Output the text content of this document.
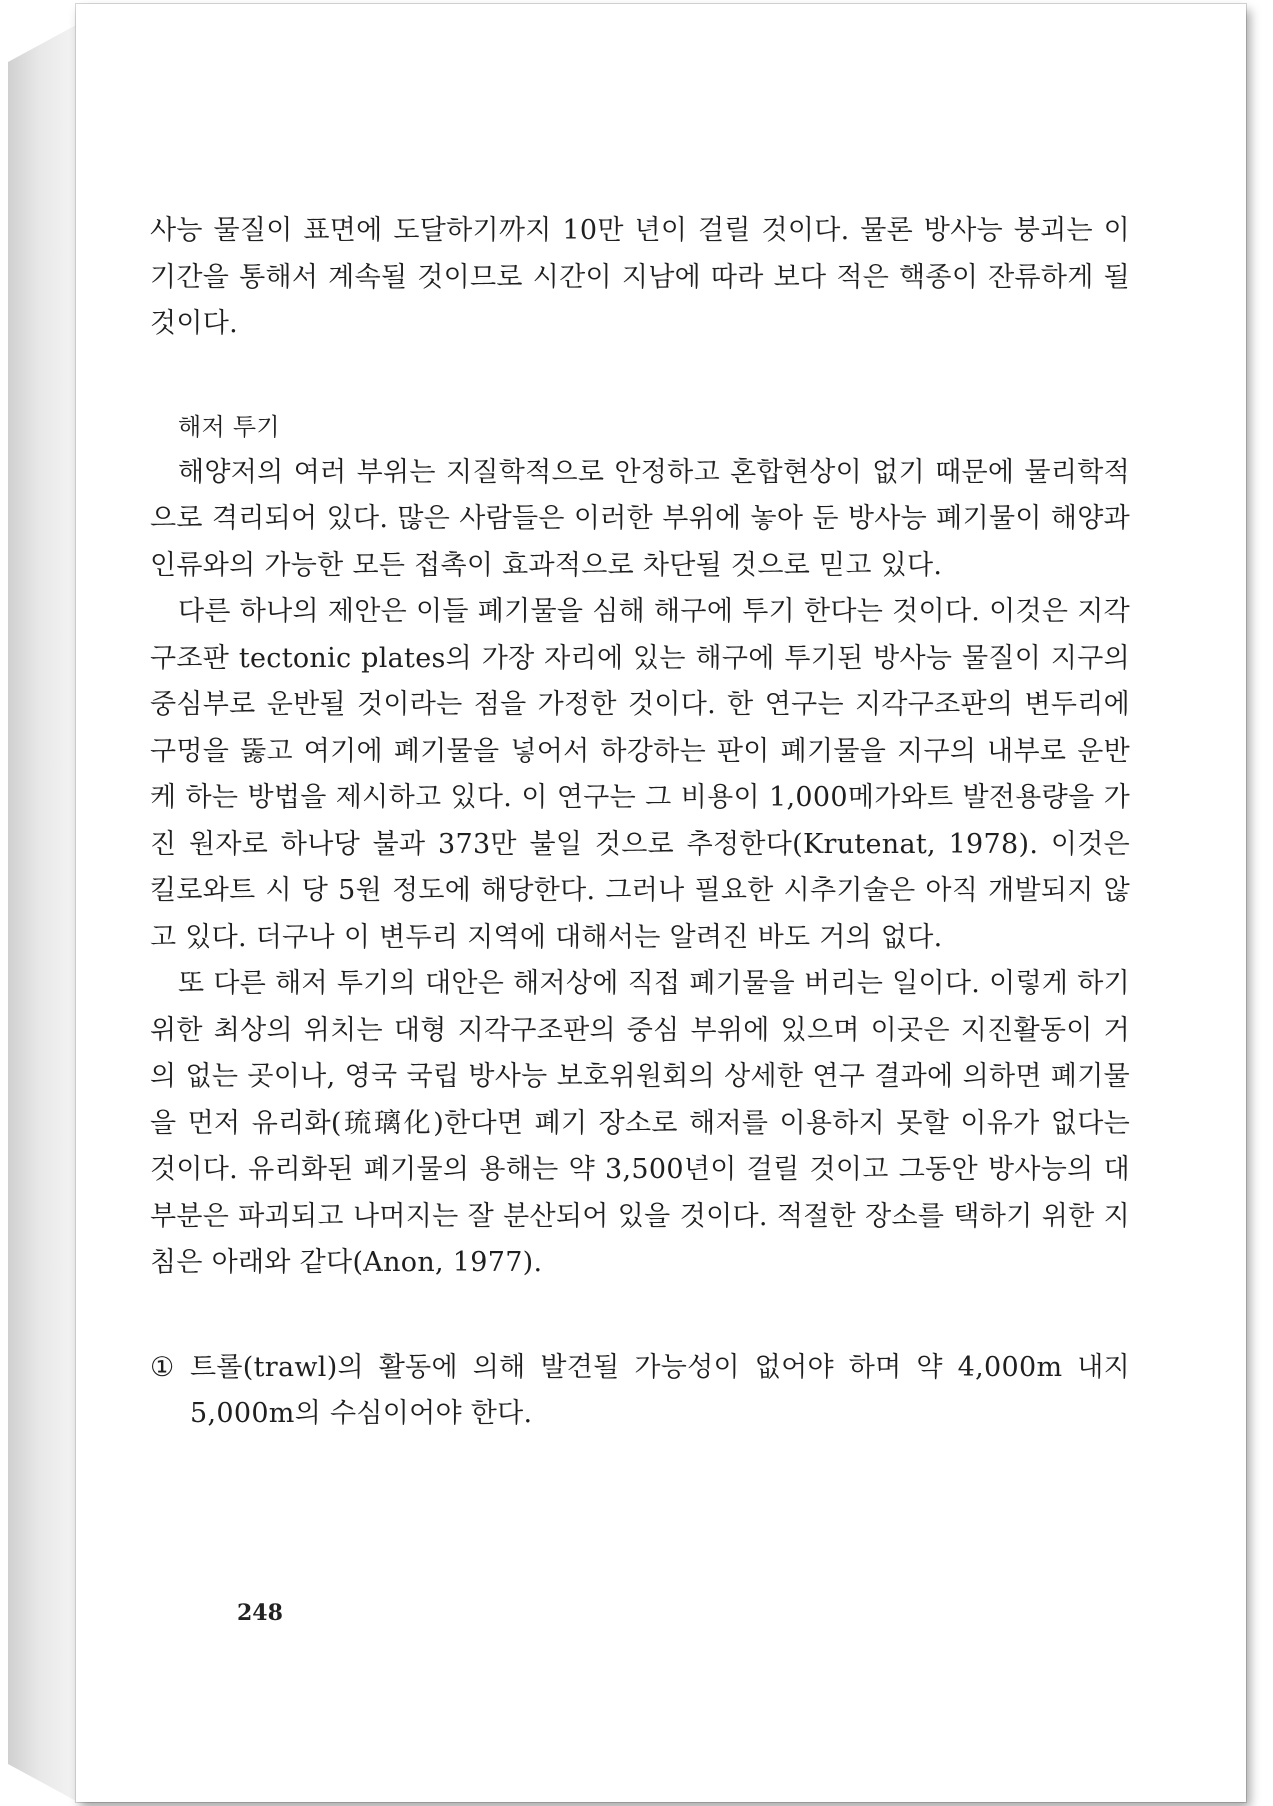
사능 물질이 표면에 도달하기까지 10만 년이 걸릴 것이다. 물론 방사능 붕괴는 이 기간을 통해서 계속될 것이므로 시간이 지남에 따라 보다 적은 핵종이 잔류하게 될 것이다.

해저 투기

해양저의 여러 부위는 지질학적으로 안정하고 혼합현상이 없기 때문에 물리학적으로 격리되어 있다. 많은 사람들은 이러한 부위에 놓아 둔 방사능 폐기물이 해양과 인류와의 가능한 모든 접촉이 효과적으로 차단될 것으로 믿고 있다.

다른 하나의 제안은 이들 폐기물을 심해 해구에 투기 한다는 것이다. 이것은 지각구조판 tectonic plates의 가장 자리에 있는 해구에 투기된 방사능 물질이 지구의 중심부로 운반될 것이라는 점을 가정한 것이다. 한 연구는 지각구조판의 변두리에 구멍을 뚫고 여기에 폐기물을 넣어서 하강하는 판이 폐기물을 지구의 내부로 운반케 하는 방법을 제시하고 있다. 이 연구는 그 비용이 1,000메가와트 발전용량을 가진 원자로 하나당 불과 373만 불일 것으로 추정한다(Krutenat, 1978). 이것은 킬로와트 시 당 5원 정도에 해당한다. 그러나 필요한 시추기술은 아직 개발되지 않고 있다. 더구나 이 변두리 지역에 대해서는 알려진 바도 거의 없다.

또 다른 해저 투기의 대안은 해저상에 직접 폐기물을 버리는 일이다. 이렇게 하기 위한 최상의 위치는 대형 지각구조판의 중심 부위에 있으며 이곳은 지진활동이 거의 없는 곳이나, 영국 국립 방사능 보호위원회의 상세한 연구 결과에 의하면 폐기물을 먼저 유리화(琉璃化)한다면 폐기 장소로 해저를 이용하지 못할 이유가 없다는 것이다. 유리화된 폐기물의 용해는 약 3,500년이 걸릴 것이고 그동안 방사능의 대부분은 파괴되고 나머지는 잘 분산되어 있을 것이다. 적절한 장소를 택하기 위한 지침은 아래와 같다(Anon, 1977).

① 트롤(trawl)의 활동에 의해 발견될 가능성이 없어야 하며 약 4,000m 내지 5,000m의 수심이어야 한다.

248
